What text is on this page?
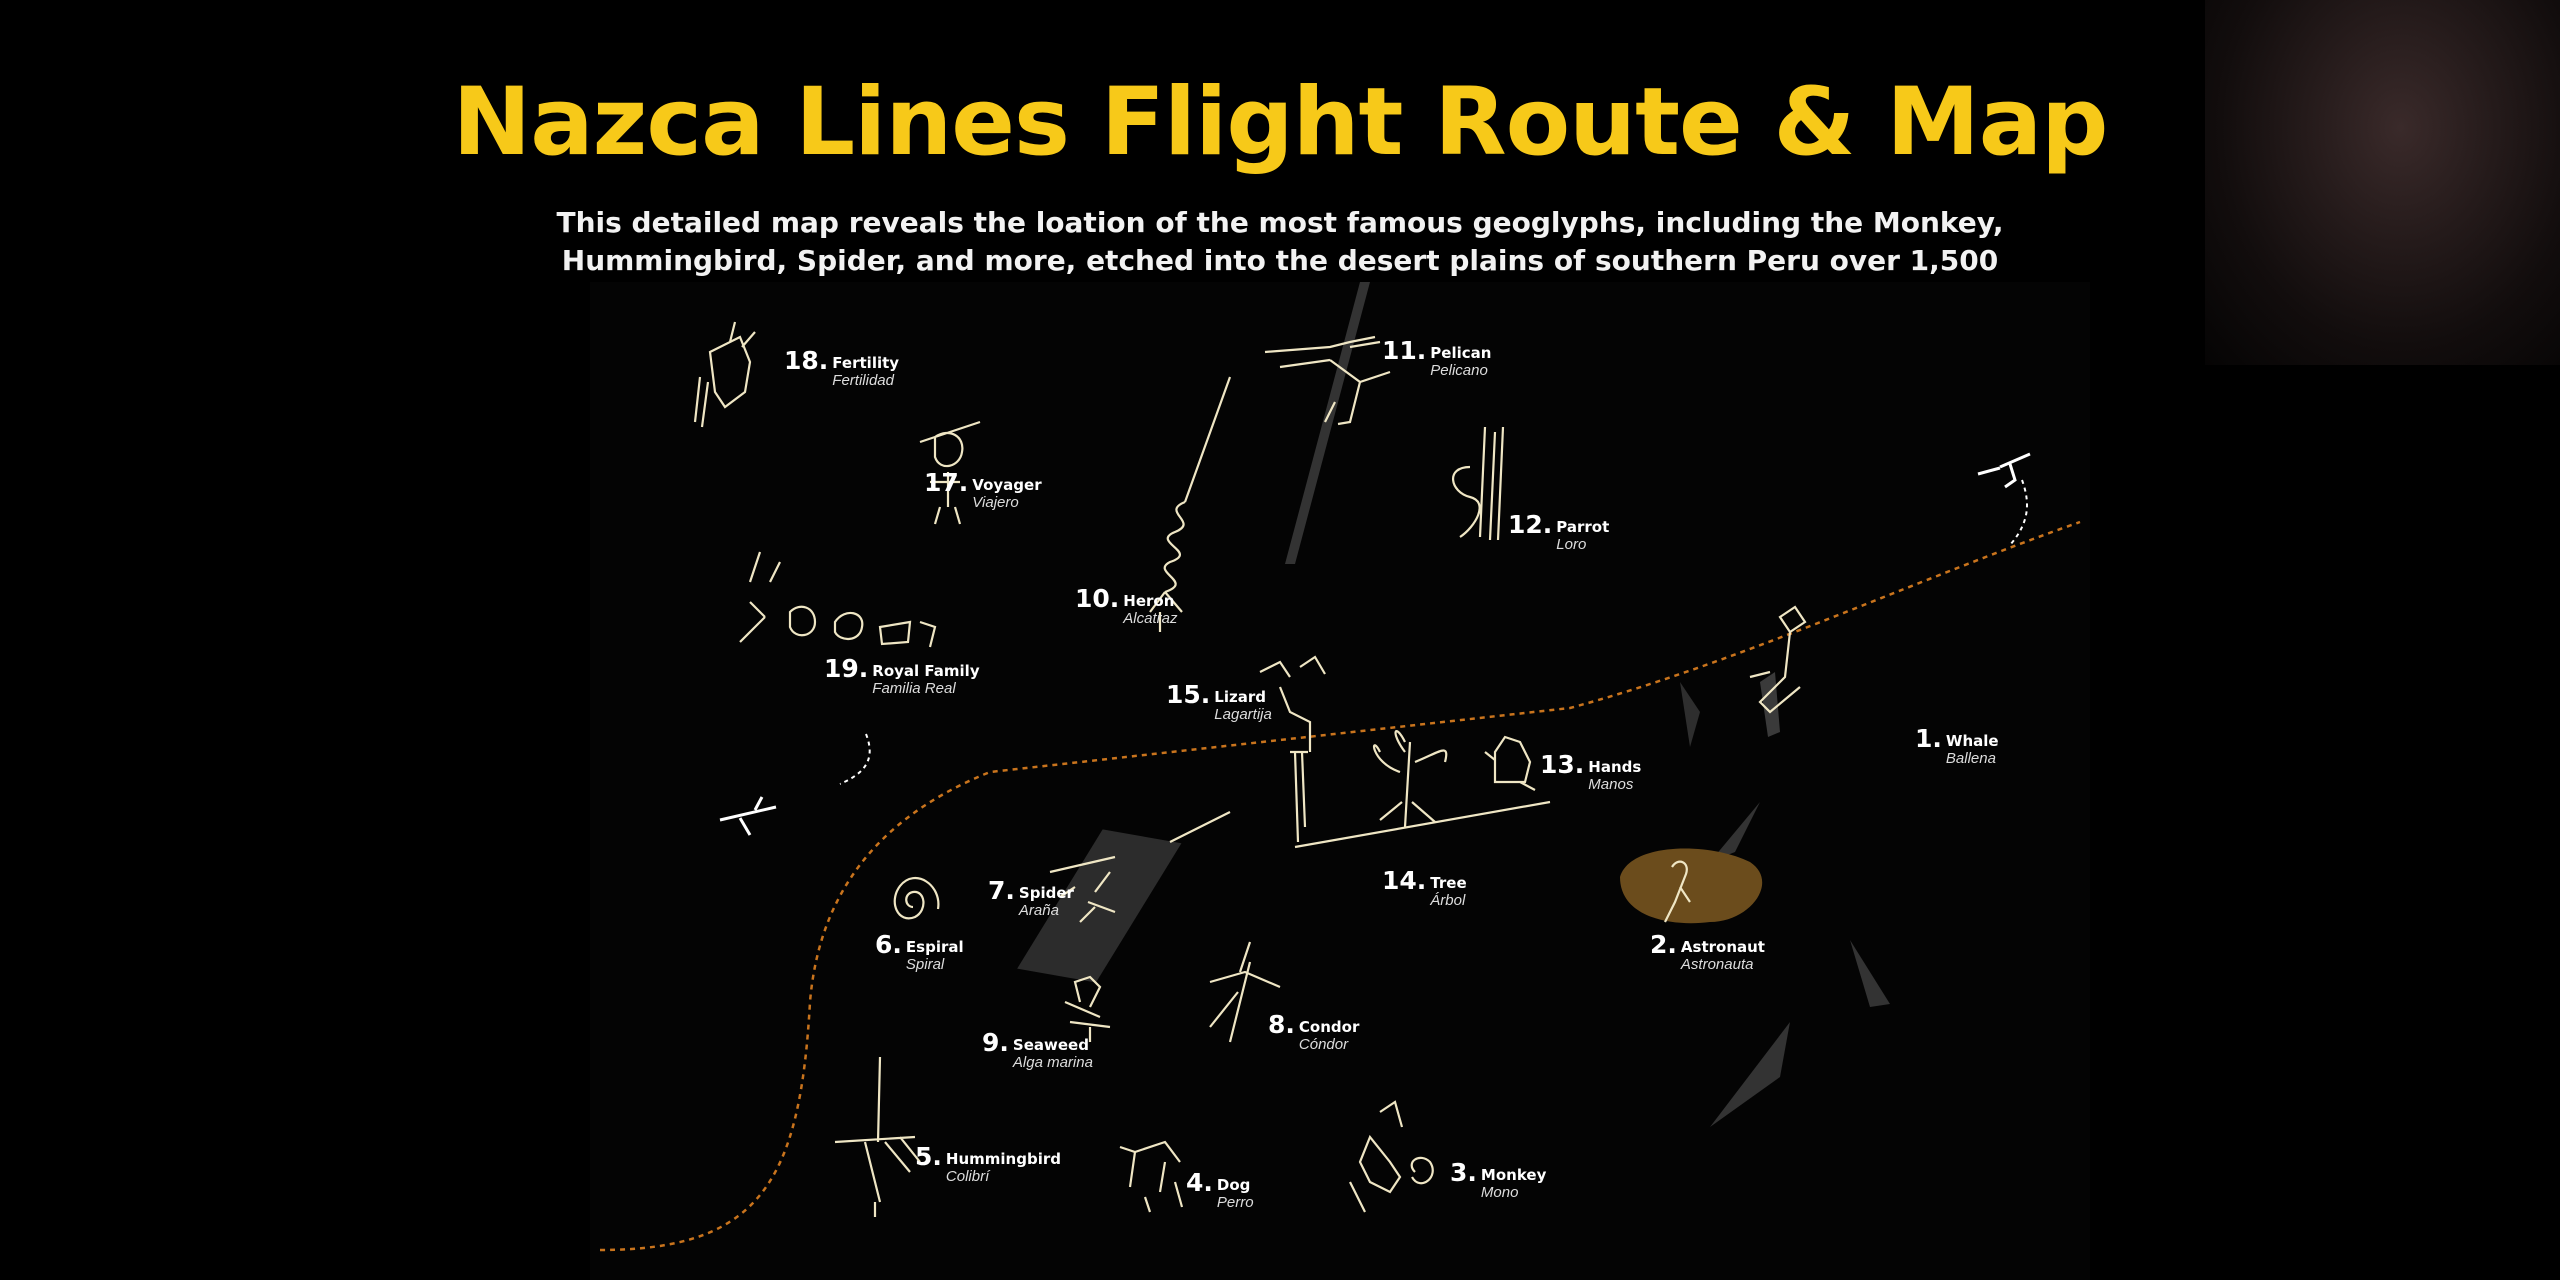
Nazca Lines Flight Route & Map
This detailed map reveals the loation of the most famous geoglyphs, including the Monkey,
Hummingbird, Spider, and more, etched into the desert plains of southern Peru over 1,500
1. Whale
Ballena
2. Astronaut
Astronauta
3. Monkey
Mono
4. Dog
Perro
5. Hummingbird
Colibrí
6. Espiral
Spiral
7. Spider
Araña
8. Condor
Cóndor
9. Seaweed
Alga marina
10. Heron
Alcatraz
11. Pelican
Pelicano
12. Parrot
Loro
13. Hands
Manos
14. Tree
Árbol
15. Lizard
Lagartija
17. Voyager
Viajero
18. Fertility
Fertilidad
19. Royal Family
Familia Real
